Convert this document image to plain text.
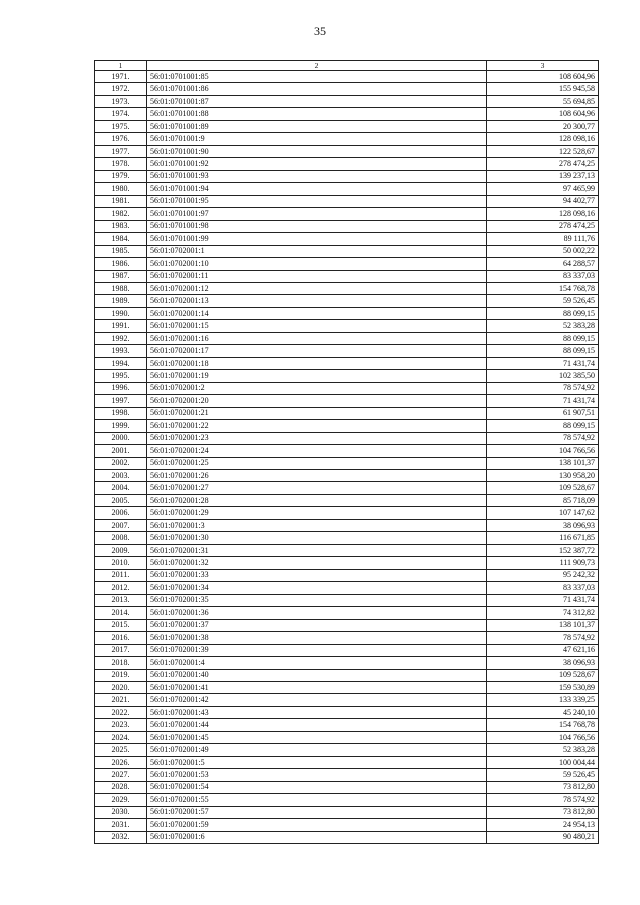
35
1	2	3
1971.	56:01:0701001:85	108 604,96
1972.	56:01:0701001:86	155 945,58
1973.	56:01:0701001:87	55 694,85
1974.	56:01:0701001:88	108 604,96
1975.	56:01:0701001:89	20 300,77
1976.	56:01:0701001:9	128 098,16
1977.	56:01:0701001:90	122 528,67
1978.	56:01:0701001:92	278 474,25
1979.	56:01:0701001:93	139 237,13
1980.	56:01:0701001:94	97 465,99
1981.	56:01:0701001:95	94 402,77
1982.	56:01:0701001:97	128 098,16
1983.	56:01:0701001:98	278 474,25
1984.	56:01:0701001:99	89 111,76
1985.	56:01:0702001:1	50 002,22
1986.	56:01:0702001:10	64 288,57
1987.	56:01:0702001:11	83 337,03
1988.	56:01:0702001:12	154 768,78
1989.	56:01:0702001:13	59 526,45
1990.	56:01:0702001:14	88 099,15
1991.	56:01:0702001:15	52 383,28
1992.	56:01:0702001:16	88 099,15
1993.	56:01:0702001:17	88 099,15
1994.	56:01:0702001:18	71 431,74
1995.	56:01:0702001:19	102 385,50
1996.	56:01:0702001:2	78 574,92
1997.	56:01:0702001:20	71 431,74
1998.	56:01:0702001:21	61 907,51
1999.	56:01:0702001:22	88 099,15
2000.	56:01:0702001:23	78 574,92
2001.	56:01:0702001:24	104 766,56
2002.	56:01:0702001:25	138 101,37
2003.	56:01:0702001:26	130 958,20
2004.	56:01:0702001:27	109 528,67
2005.	56:01:0702001:28	85 718,09
2006.	56:01:0702001:29	107 147,62
2007.	56:01:0702001:3	38 096,93
2008.	56:01:0702001:30	116 671,85
2009.	56:01:0702001:31	152 387,72
2010.	56:01:0702001:32	111 909,73
2011.	56:01:0702001:33	95 242,32
2012.	56:01:0702001:34	83 337,03
2013.	56:01:0702001:35	71 431,74
2014.	56:01:0702001:36	74 312,82
2015.	56:01:0702001:37	138 101,37
2016.	56:01:0702001:38	78 574,92
2017.	56:01:0702001:39	47 621,16
2018.	56:01:0702001:4	38 096,93
2019.	56:01:0702001:40	109 528,67
2020.	56:01:0702001:41	159 530,89
2021.	56:01:0702001:42	133 339,25
2022.	56:01:0702001:43	45 240,10
2023.	56:01:0702001:44	154 768,78
2024.	56:01:0702001:45	104 766,56
2025.	56:01:0702001:49	52 383,28
2026.	56:01:0702001:5	100 004,44
2027.	56:01:0702001:53	59 526,45
2028.	56:01:0702001:54	73 812,80
2029.	56:01:0702001:55	78 574,92
2030.	56:01:0702001:57	73 812,80
2031.	56:01:0702001:59	24 954,13
2032.	56:01:0702001:6	90 480,21
